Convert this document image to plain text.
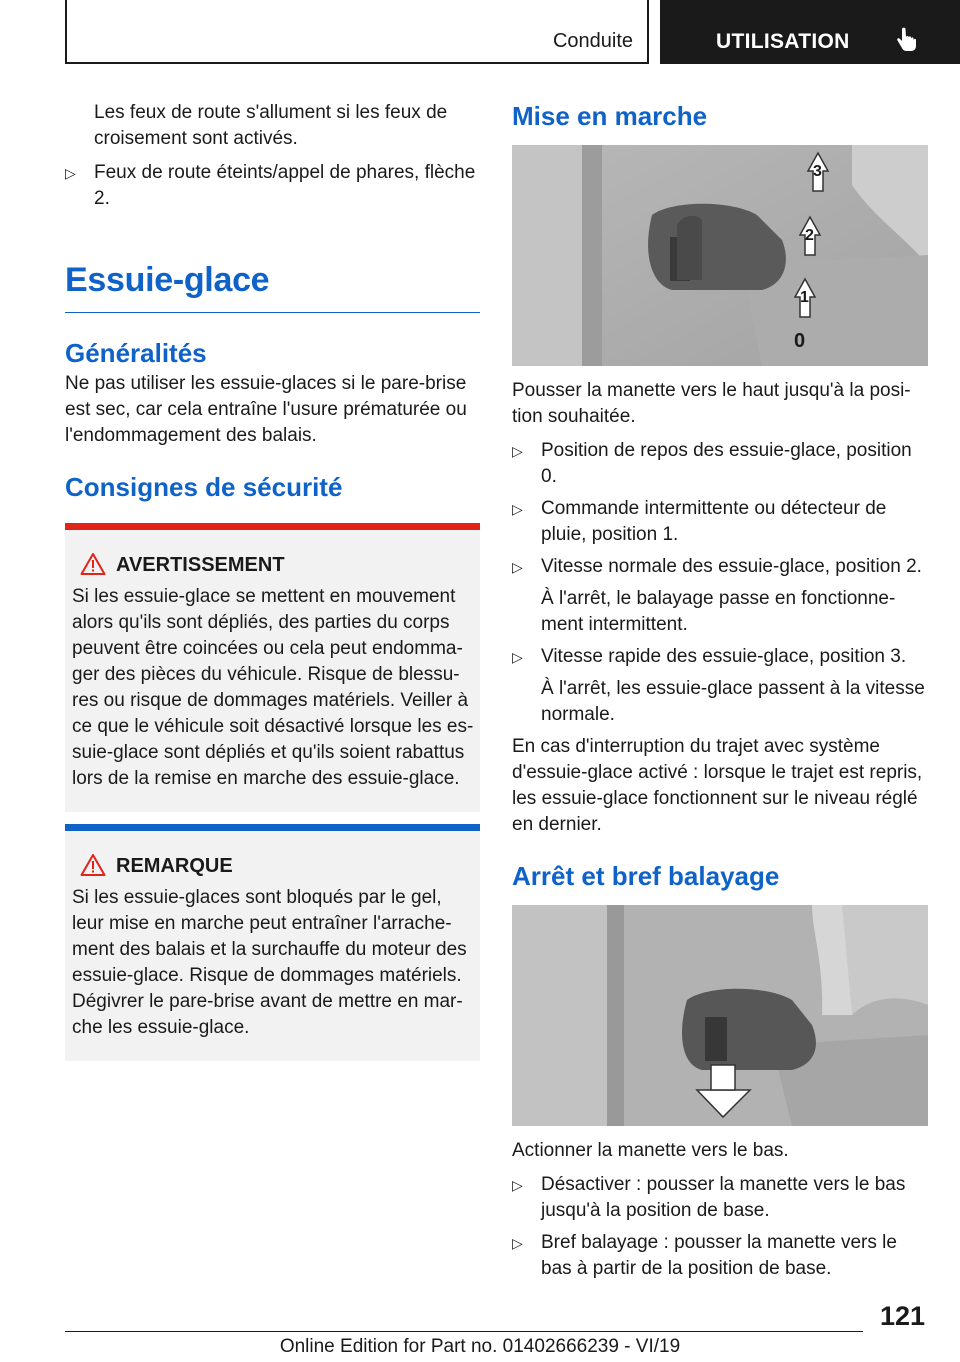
Conduite	UTILISATION

Les feux de route s'allument si les feux de croisement sont activés.

▷ Feux de route éteints/appel de phares, flèche 2.
Essuie-glace
Généralités

Ne pas utiliser les essuie-glaces si le pare-brise est sec, car cela entraîne l'usure prématurée ou l'endommagement des balais.

Consignes de sécurité
AVERTISSEMENT

Si les essuie-glace se mettent en mouvement alors qu'ils sont dépliés, des parties du corps peuvent être coincées ou cela peut endommager des pièces du véhicule. Risque de blessures ou risque de dommages matériels. Veiller à ce que le véhicule soit désactivé lorsque les essuie-glace sont dépliés et qu'ils soient rabattus lors de la remise en marche des essuie-glace.

REMARQUE

Si les essuie-glaces sont bloqués par le gel, leur mise en marche peut entraîner l'arrachement des balais et la surchauffe du moteur des essuie-glace. Risque de dommages matériels. Dégivrer le pare-brise avant de mettre en marche les essuie-glace.

Mise en marche
3
2
1
0

Pousser la manette vers le haut jusqu'à la position souhaitée.

▷ Position de repos des essuie-glace, position 0.
▷ Commande intermittente ou détecteur de pluie, position 1.
▷ Vitesse normale des essuie-glace, position 2.

À l'arrêt, le balayage passe en fonctionnement intermittent.

▷ Vitesse rapide des essuie-glace, position 3.

À l'arrêt, les essuie-glace passent à la vitesse normale.

En cas d'interruption du trajet avec système d'essuie-glace activé : lorsque le trajet est repris, les essuie-glace fonctionnent sur le niveau réglé en dernier.

Arrêt et bref balayage

Actionner la manette vers le bas.

▷ Désactiver : pousser la manette vers le bas jusqu'à la position de base.
▷ Bref balayage : pousser la manette vers le bas à partir de la position de base.
121
Online Edition for Part no. 01402666239 - VI/19
